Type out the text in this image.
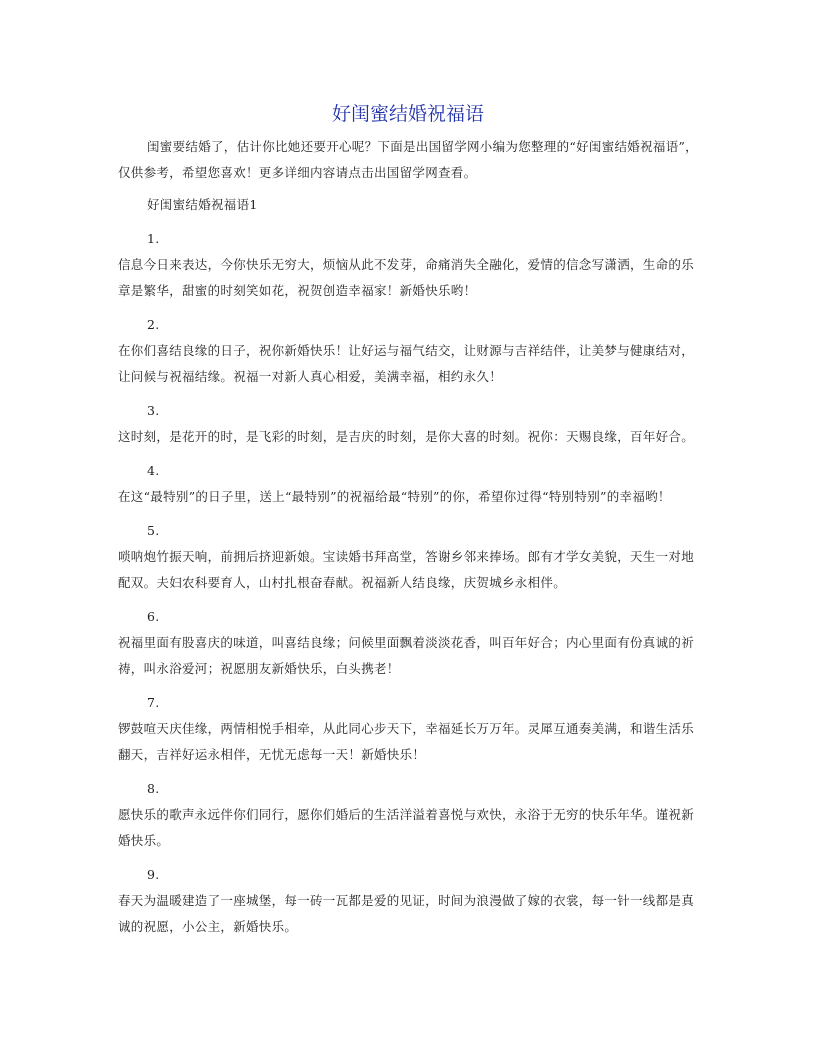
好闺蜜结婚祝福语

闺蜜要结婚了，估计你比她还要开心呢？下面是出国留学网小编为您整理的“好闺蜜结婚祝福语”，仅供参考，希望您喜欢！更多详细内容请点击出国留学网查看。

好闺蜜结婚祝福语1

1.

信息今日来表达，今你快乐无穷大，烦恼从此不发芽，命痛消失全融化，爱情的信念写潇洒，生命的乐章是繁华，甜蜜的时刻笑如花，祝贺创造幸福家！新婚快乐哟！

2.

在你们喜结良缘的日子，祝你新婚快乐！让好运与福气结交，让财源与吉祥结伴，让美梦与健康结对，让问候与祝福结缘。祝福一对新人真心相爱，美满幸福，相约永久！

3.

这时刻，是花开的时，是飞彩的时刻，是吉庆的时刻，是你大喜的时刻。祝你：天赐良缘，百年好合。

4.

在这“最特别”的日子里，送上“最特别”的祝福给最“特别”的你，希望你过得“特别特别”的幸福哟！

5.

唢呐炮竹振天响，前拥后挤迎新娘。宝读婚书拜高堂，答谢乡邻来捧场。郎有才学女美貌，天生一对地配双。夫妇农科要育人，山村扎根奋春献。祝福新人结良缘，庆贺城乡永相伴。

6.

祝福里面有股喜庆的味道，叫喜结良缘；问候里面飘着淡淡花香，叫百年好合；内心里面有份真诚的祈祷，叫永浴爱河；祝愿朋友新婚快乐，白头携老！

7.

锣鼓喧天庆佳缘，两情相悦手相牵，从此同心步天下，幸福延长万万年。灵犀互通奏美满，和谐生活乐翻天，吉祥好运永相伴，无忧无虑每一天！新婚快乐！

8.

愿快乐的歌声永远伴你们同行，愿你们婚后的生活洋溢着喜悦与欢快，永浴于无穷的快乐年华。谨祝新婚快乐。

9.

春天为温暖建造了一座城堡，每一砖一瓦都是爱的见证，时间为浪漫做了嫁的衣裳，每一针一线都是真诚的祝愿，小公主，新婚快乐。
